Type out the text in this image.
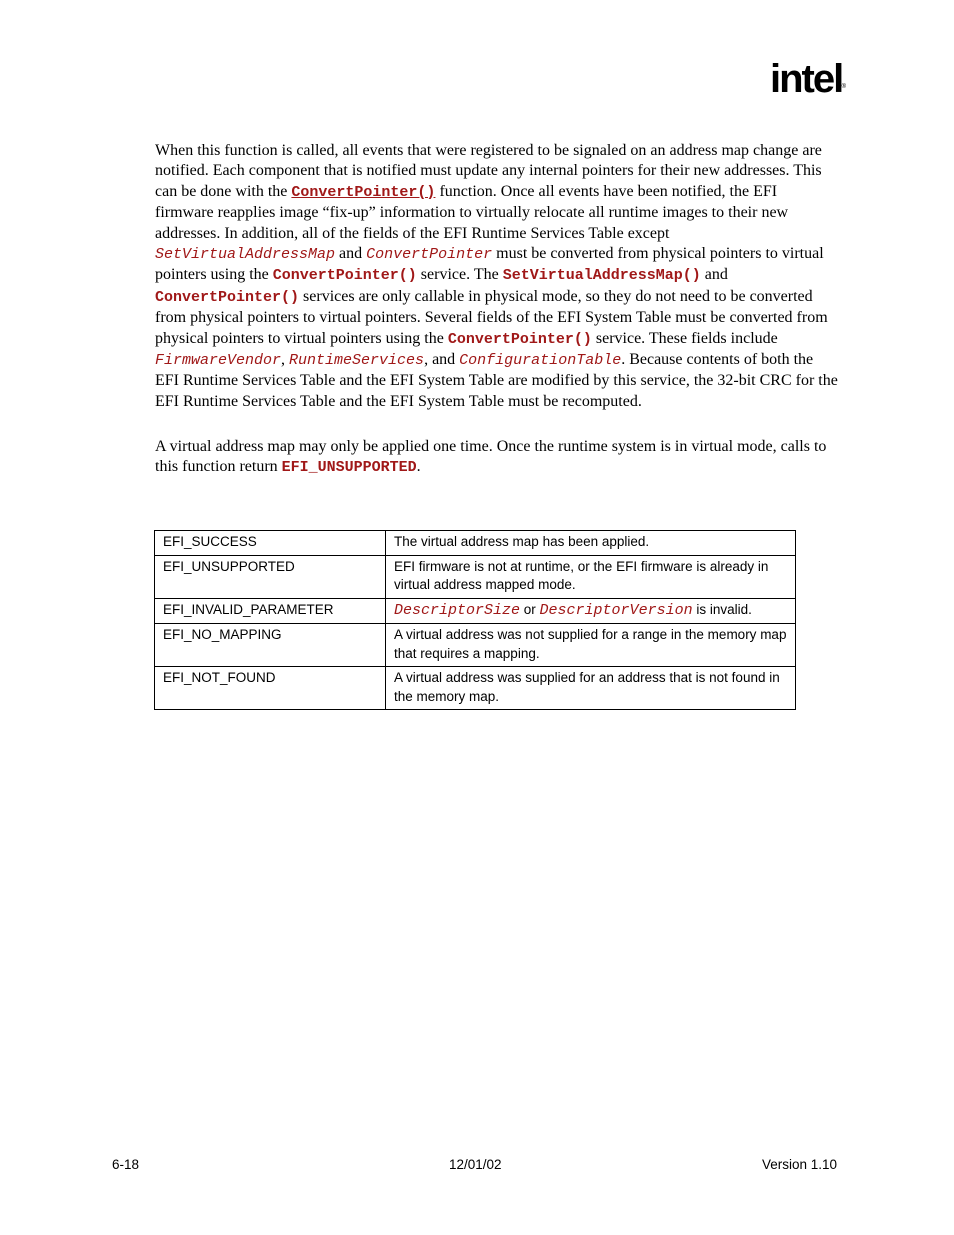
intel ®

When this function is called, all events that were registered to be signaled on an address map change are notified. Each component that is notified must update any internal pointers for their new addresses. This can be done with the ConvertPointer() function. Once all events have been notified, the EFI firmware reapplies image “fix-up” information to virtually relocate all runtime images to their new addresses. In addition, all of the fields of the EFI Runtime Services Table except SetVirtualAddressMap and ConvertPointer must be converted from physical pointers to virtual pointers using the ConvertPointer() service. The SetVirtualAddressMap() and ConvertPointer() services are only callable in physical mode, so they do not need to be converted from physical pointers to virtual pointers. Several fields of the EFI System Table must be converted from physical pointers to virtual pointers using the ConvertPointer() service. These fields include FirmwareVendor, RuntimeServices, and ConfigurationTable. Because contents of both the EFI Runtime Services Table and the EFI System Table are modified by this service, the 32-bit CRC for the EFI Runtime Services Table and the EFI System Table must be recomputed.

A virtual address map may only be applied one time. Once the runtime system is in virtual mode, calls to this function return EFI_UNSUPPORTED.

EFI_SUCCESS	The virtual address map has been applied.
EFI_UNSUPPORTED	EFI firmware is not at runtime, or the EFI firmware is already in virtual address mapped mode.
EFI_INVALID_PARAMETER	DescriptorSize or DescriptorVersion is invalid.
EFI_NO_MAPPING	A virtual address was not supplied for a range in the memory map that requires a mapping.
EFI_NOT_FOUND	A virtual address was supplied for an address that is not found in the memory map.
6-18	12/01/02	Version 1.10
